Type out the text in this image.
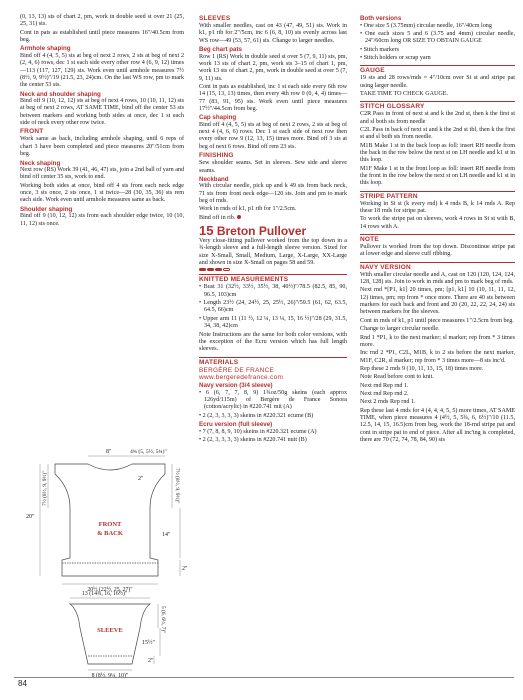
(0, 13, 13) sts of chart 2, pm, work in double seed st over 21 (25, 25, 31) sts.

Cont in pats as established until piece measures 16"/40.5cm from beg.

Armhole shaping

Bind off 4 (4, 5, 5) sts at beg of next 2 rows, 2 sts at beg of next 2 (2, 4, 6) rows, dec 1 st each side every other row 4 (6, 9, 12) times—113 (117, 127, 129) sts. Work even until armhole measures 7½ (8½, 9, 9½)"/19 (21.5, 23, 24)cm. On the last WS row, pm to mark the center 53 sts.

Neck and shoulder shaping

Bind off 9 (10, 12, 12) sts at beg of next 4 rows, 10 (10, 11, 12) sts at beg of next 2 rows, AT SAME TIME, bind off the center 53 sts between markers and working both sides at once, dec 1 st each side of neck every other row twice.

FRONT

Work same as back, including armhole shaping, until 6 reps of chart 3 have been completed and piece measures 20"/51cm from beg.

Neck shaping

Next row (RS) Work 39 (41, 46, 47) sts, join a 2nd ball of yarn and bind off center 35 sts, work to end.

Working both sides at once, bind off 4 sts from each neck edge once, 3 sts once, 2 sts once, 1 st twice—28 (30, 35, 36) sts rem each side. Work even until armhole measures same as back.

Shoulder shaping

Bind off 9 (10, 12, 12) sts from each shoulder edge twice, 10 (10, 11, 12) sts once.

8"	4¾ (5, 5½, 5¾)"
7½ (8½, 9, 9½)"	7½ (8½, 9, 9½)"
2"
FRONT
& BACK
20"
14"
2"
20½ (22½, 25, 27)"
13 (14¾, 16, 16½)"
SLEEVE	5 (6, 6½, 7)"
15½"
2"
8 (8½, 9¼, 10)"
SLEEVES

With smaller needles, cast on 43 (47, 49, 51) sts. Work in k1, p1 rib for 2"/5cm, inc 6 (6, 8, 10) sts evenly across last WS row—49 (53, 57, 61) sts. Change to larger needles.

Beg chart pats

Row 1 (RS) Work in double seed st over 5 (7, 9, 11) sts, pm, work 13 sts of chart 2, pm, work sts 3–15 of chart 1, pm, work 13 sts of chart 2, pm, work in double seed st over 5 (7, 9, 11) sts.

Cont in pats as established, inc 1 st each side every 6th row 14 (15, 13, 13) times, then every 4th row 0 (0, 4, 4) times—77 (83, 91, 95) sts. Work even until piece measures 17½"/44.5cm from beg.

Cap shaping

Bind off 4 (4, 5, 5) sts at beg of next 2 rows, 2 sts at beg of next 4 (4, 6, 6) rows. Dec 1 st each side of next row then every other row 9 (12, 13, 15) times more. Bind off 3 sts at beg of next 6 rows. Bind off rem 23 sts.

FINISHING

Sew shoulder seams. Set in sleeves. Sew side and sleeve seams.

Neckband

With circular needle, pick up and k 49 sts from back neck, 71 sts from front neck edge—120 sts. Join and pm to mark beg of rnds.

Work in rnds of k1, p1 rib for 1"/2.5cm.

Bind off in rib.

15 Breton Pullover

Very close-fitting pullover worked from the top down in a ¾-length sleeve and a full-length sleeve version. Sized for size X-Small, Small, Medium, Large, X-Large, XX-Large and shown in size X-Small on pages 58 and 59.

KNITTED MEASUREMENTS

• Bust 31 (32½, 33½, 35½, 38, 40½)"/78.5 (82.5, 85, 90, 96.5, 103)cm

• Length 23½ (24, 24½, 25, 25½, 26)"/59.5 (61, 62, 63.5, 64.5, 66)cm

• Upper arm 11 (11 ½, 12 ¼, 13 ¼, 15, 16 ½)"/28 (29, 31.5, 34, 38, 42)cm

Note Instructions are the same for both color versions, with the exception of the Ecru version which has full length sleeves.

MATERIALS
BERGÈRE DE FRANCE
www.bergeredefrance.com
Navy version (3/4 sleeve)

• 6 (6, 7, 7, 8, 9) 1¾oz/50g skeins (each approx 126yd/115m) of Bergère de France Sonora (cotton/acrylic) in #220.741 mit (A)

• 2 (2, 3, 3, 3, 3) skeins in #220.321 ecume (B)

Ecru version (full sleeve)

• 7 (7, 8, 8, 9, 10) skeins in #220.321 ecume (A)

• 2 (2, 3, 3, 3, 3) skeins in #220.741 nuit (B)

Both versions

• One size 5 (3.75mm) circular needle, 16"/40cm long

• One each sizes 5 and 6 (3.75 and 4mm) circular needle, 24"/60cm long OR SIZE TO OBTAIN GAUGE

• Stitch markers

• Stitch holders or scrap yarn

GAUGE

19 sts and 28 rows/rnds = 4"/10cm over St st and stripe pat using larger needle.

TAKE TIME TO CHECK GAUGE.

STITCH GLOSSARY

C2R Pass in front of next st and k the 2nd st, then k the first st and sl both sts from needle

C2L Pass in back of next st and k the 2nd st tbl, then k the first st and sl both sts from needle.

M1B Make 1 st in the back loop as foll: insert RH needle from the back in the row below the next st on LH needle and k1 st in this loop.

M1F Make 1 st in the front loop as foll: insert RH needle from the front in the row below the next st on LH needle and k1 st in this loop.

STRIPE PATTERN

Working in St st (k every rnd) k 4 rnds B, k 14 rnds A. Rep these 18 rnds for stripe pat.

To work the stripe pat on sleeves, work 4 rows in St st with B, 14 rows with A.

NOTE

Pullover is worked from the top down. Discontinue stripe pat at lower edge and sleeve cuff ribbing.

NAVY VERSION

With smaller circular needle and A, cast on 120 (120, 124, 124, 128, 128) sts. Join to work in rnds and pm to mark beg of rnds.

Next rnd *[P1, k1] 20 times, pm; [p1, k1] 10 (10, 11, 11, 12, 12) times, pm; rep from * once more. There are 40 sts between markers for each back and front and 20 (20, 22, 22, 24, 24) sts between markers for the sleeves.

Cont in rnds of k1, p1 until piece measures 1"/2.5cm from beg.

Change to larger circular needle.

Rnd 1 *P1, k to the next marker; sl marker; rep from * 3 times more.

Inc rnd 2 *P1, C2L, M1B, k to 2 sts before the next marker, M1F, C2R, sl marker; rep from * 3 times more—8 sts inc'd.

Rep these 2 rnds 9 (10, 11, 13, 15, 18) times more.

Note Read before cont to knit.

Next rnd Rep rnd 1.

Next rnd Rep rnd 2.

Next 2 rnds Rep rnd 1.

Rep these last 4 rnds for 4 (4, 4, 4, 5, 5) more times, AT SAME TIME, when piece measures 4 (4½, 5, 5¾, 6, 6½)"/10 (11.5, 12.5, 14, 15, 16.5)cm from beg, work the 18-rnd stripe pat and cont in stripe pat to end of piece. After all inc'ing is completed, there are 70 (72, 74, 78, 84, 90) sts

84
